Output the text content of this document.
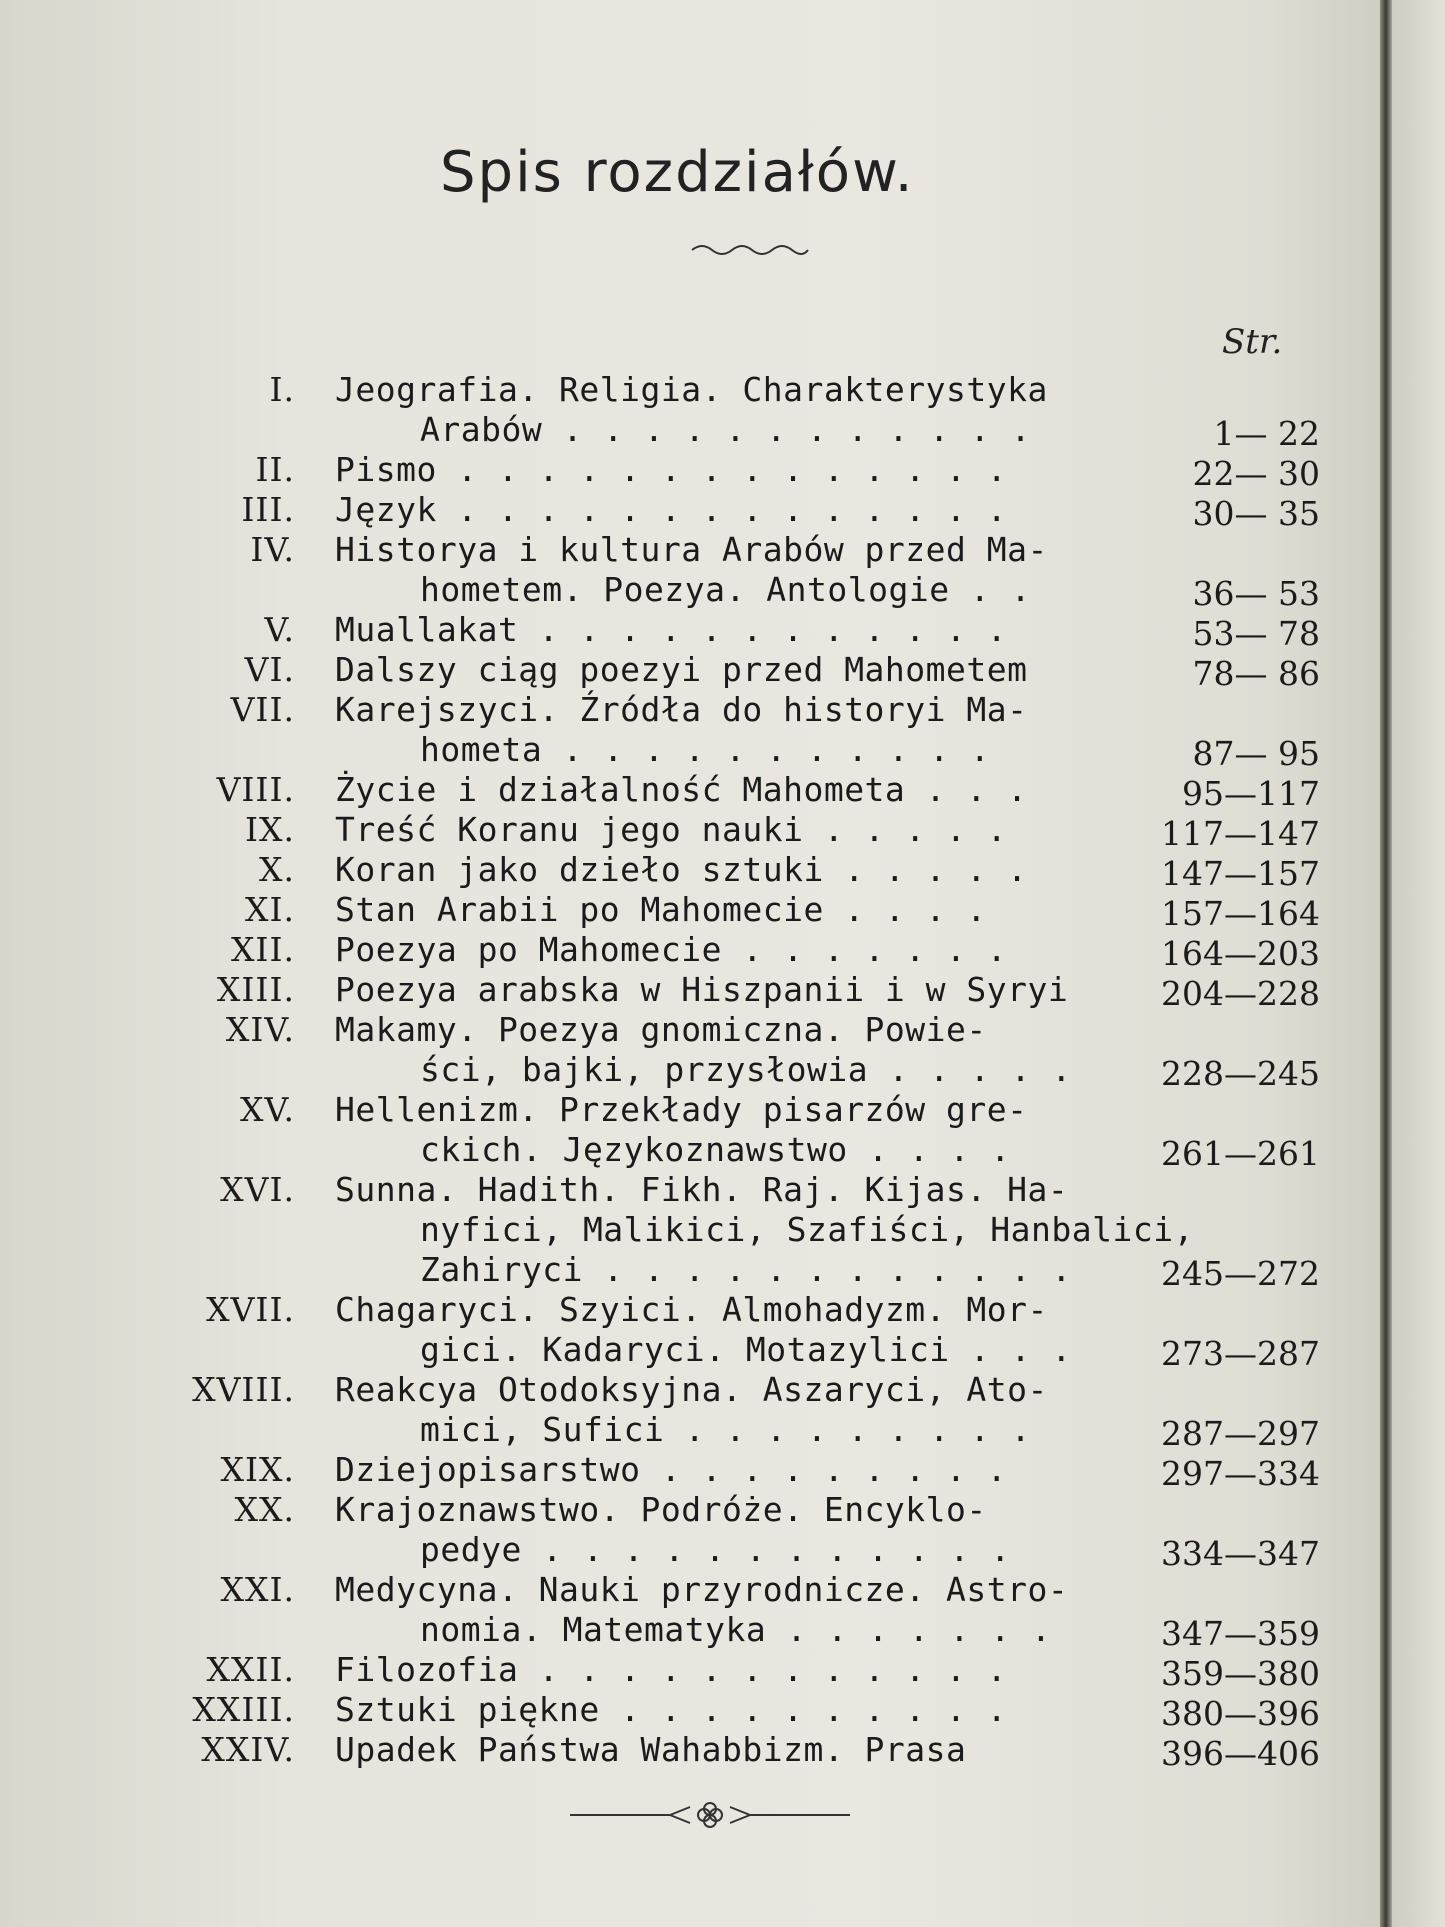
Spis rozdziałów.
Str.
I. Jeografia. Religia. Charakterystyka
Arabów . . . . . . . . . . . .	1— 22
II. Pismo . . . . . . . . . . . . . .	22— 30
III. Język . . . . . . . . . . . . . .	30— 35
IV. Historya i kultura Arabów przed Ma-
hometem. Poezya. Antologie . .	36— 53
V. Muallakat . . . . . . . . . . . .	53— 78
VI. Dalszy ciąg poezyi przed Mahometem	78— 86
VII. Karejszyci. Źródła do historyi Ma-
hometa . . . . . . . . . . .	87— 95
VIII. Życie i działalność Mahometa . . .	95—117
IX. Treść Koranu jego nauki . . . . .	117—147
X. Koran jako dzieło sztuki . . . . .	147—157
XI. Stan Arabii po Mahomecie . . . .	157—164
XII. Poezya po Mahomecie . . . . . . .	164—203
XIII. Poezya arabska w Hiszpanii i w Syryi	204—228
XIV. Makamy. Poezya gnomiczna. Powie-
ści, bajki, przysłowia . . . . .	228—245
XV. Hellenizm. Przekłady pisarzów gre-
ckich. Językoznawstwo . . . .	261—261
XVI. Sunna. Hadith. Fikh. Raj. Kijas. Ha-
nyfici, Malikici, Szafiści, Hanbalici,
Zahiryci . . . . . . . . . . . .	245—272
XVII. Chagaryci. Szyici. Almohadyzm. Mor-
gici. Kadaryci. Motazylici . . .	273—287
XVIII. Reakcya Otodoksyjna. Aszaryci, Ato-
mici, Sufici . . . . . . . . .	287—297
XIX. Dziejopisarstwo . . . . . . . . .	297—334
XX. Krajoznawstwo. Podróże. Encyklo-
pedye . . . . . . . . . . . .	334—347
XXI. Medycyna. Nauki przyrodnicze. Astro-
nomia. Matematyka . . . . . . .	347—359
XXII. Filozofia . . . . . . . . . . . .	359—380
XXIII. Sztuki piękne . . . . . . . . . .	380—396
XXIV. Upadek Państwa Wahabbizm. Prasa	396—406
